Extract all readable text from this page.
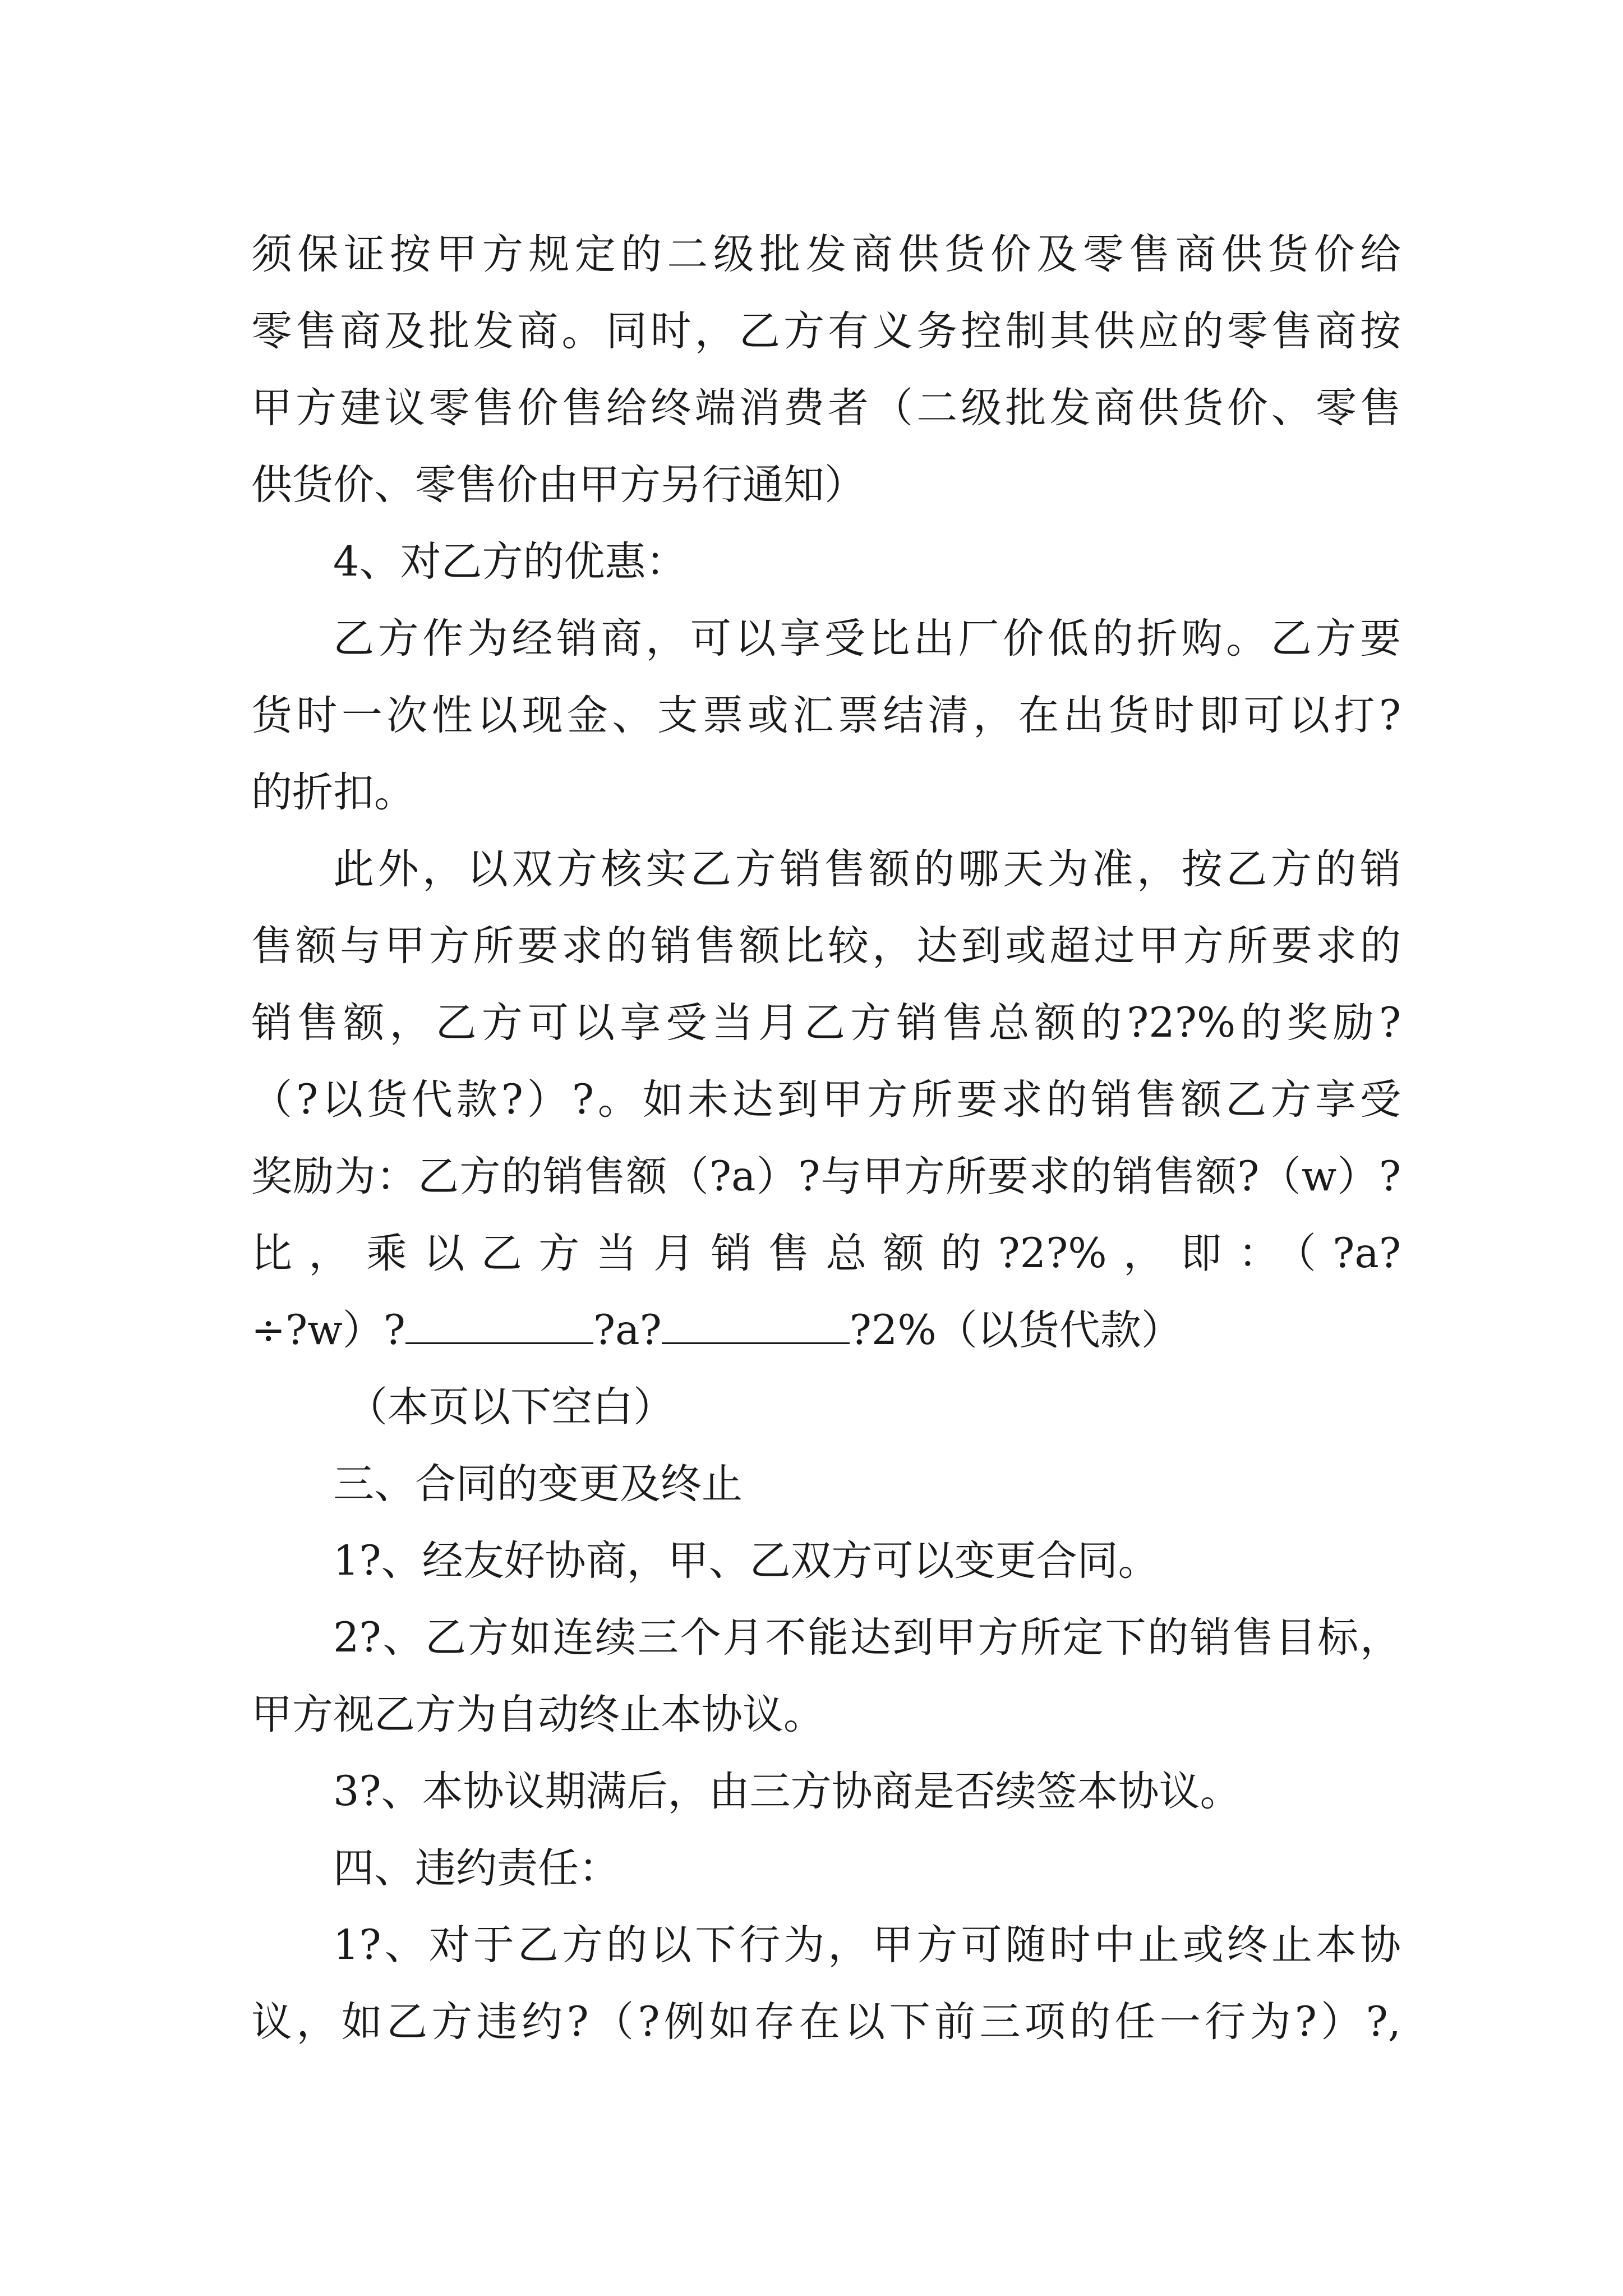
须保证按甲方规定的二级批发商供货价及零售商供货价给
零售商及批发商。同时，乙方有义务控制其供应的零售商按
甲方建议零售价售给终端消费者（二级批发商供货价、零售
供货价、零售价由甲方另行通知）
4、对乙方的优惠：
乙方作为经销商，可以享受比出厂价低的折购。乙方要
货时一次性以现金、支票或汇票结清，在出货时即可以打?
的折扣。
此外，以双方核实乙方销售额的哪天为准，按乙方的销
售额与甲方所要求的销售额比较，达到或超过甲方所要求的
销售额，乙方可以享受当月乙方销售总额的?2?%的奖励?
（?以货代款?）?。如未达到甲方所要求的销售额乙方享受
奖励为：乙方的销售额（?a）?与甲方所要求的销售额?（w）?
比，乘以乙方当月销售总额的?2?%，即：（?a?
÷?w）?	?a?	?2%（以货代款）
（本页以下空白）
三、合同的变更及终止
1?、经友好协商，甲、乙双方可以变更合同。
2?、乙方如连续三个月不能达到甲方所定下的销售目标，
甲方视乙方为自动终止本协议。
3?、本协议期满后，由三方协商是否续签本协议。
四、违约责任：
1?、对于乙方的以下行为，甲方可随时中止或终止本协
议，如乙方违约?（?例如存在以下前三项的任一行为?）?,
